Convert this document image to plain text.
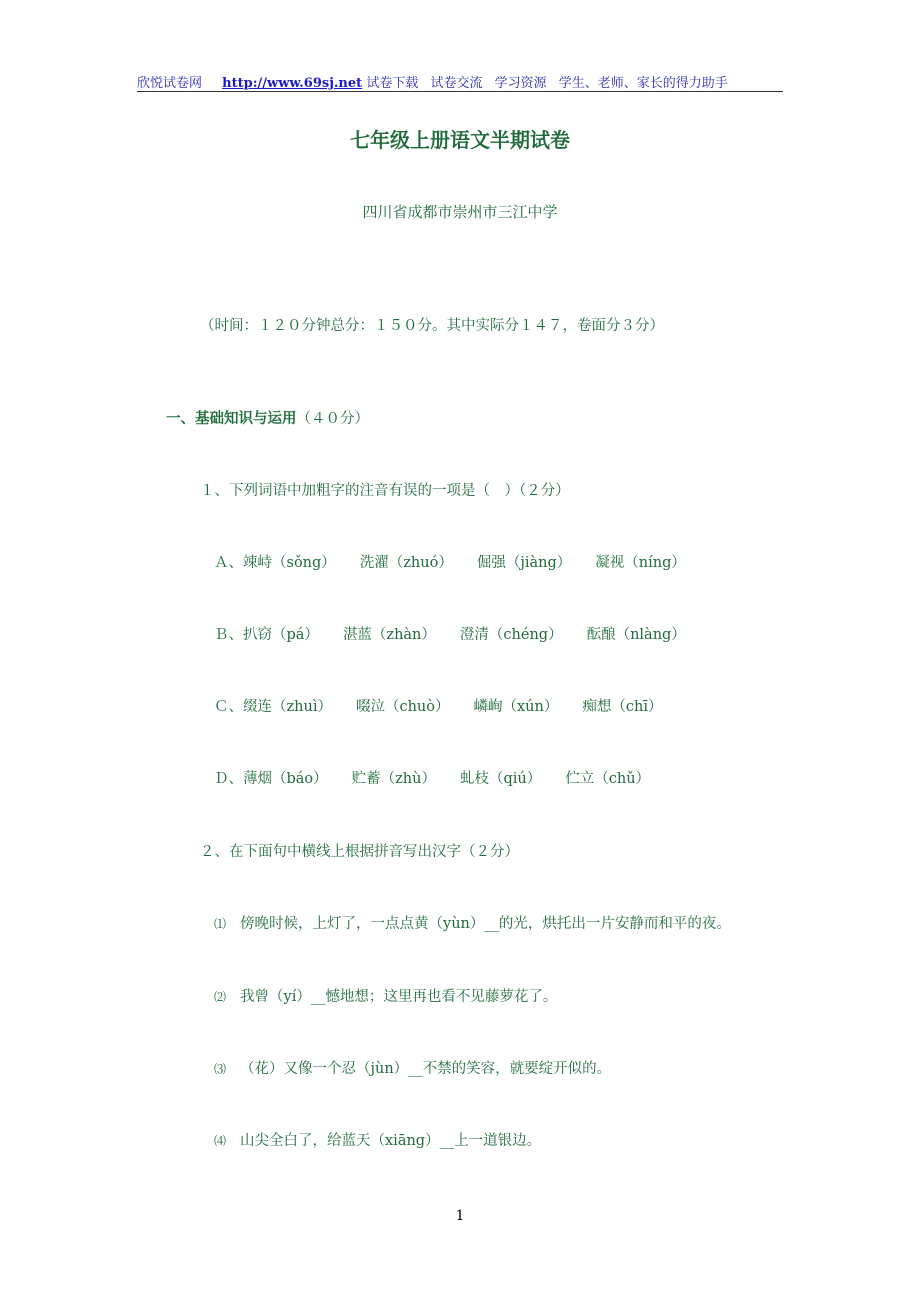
欣悦试卷网 http://www.69sj.net 试卷下载 试卷交流 学习资源 学生、老师、家长的得力助手
七年级上册语文半期试卷
四川省成都市崇州市三江中学
（时间：１２０分钟总分：１５０分。其中实际分１４７，卷面分３分）
一、基础知识与运用（４０分）
１、下列词语中加粗字的注音有误的一项是（　）（２分）
Ａ、竦峙（sǒng） 洗濯（zhuó） 倔强（jiàng） 凝视（níng）
Ｂ、扒窃（pá） 湛蓝（zhàn） 澄清（chéng） 酝酿（nlàng）
Ｃ、缀连（zhuì） 啜泣（chuò） 嶙峋（xún） 痴想（chī）
Ｄ、薄烟（báo） 贮蓄（zhù） 虬枝（qiú） 伫立（chǔ）
２、在下面句中横线上根据拼音写出汉字（２分）
⑴ 傍晚时候，上灯了，一点点黄（yùn）__的光，烘托出一片安静而和平的夜。
⑵ 我曾（yí）__憾地想；这里再也看不见藤萝花了。
⑶ （花）又像一个忍（jùn）__不禁的笑容，就要绽开似的。
⑷ 山尖全白了，给蓝天（xiāng）__上一道银边。
1
